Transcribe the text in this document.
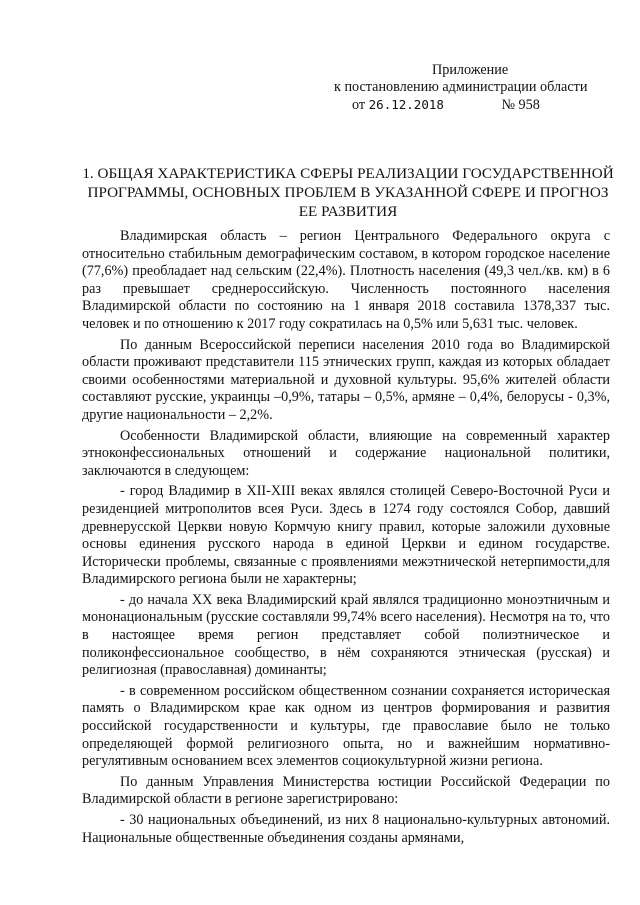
Приложение
к постановлению администрации области
от 26.12.2018	№ 958
1. ОБЩАЯ ХАРАКТЕРИСТИКА СФЕРЫ РЕАЛИЗАЦИИ ГОСУДАРСТВЕННОЙ ПРОГРАММЫ, ОСНОВНЫХ ПРОБЛЕМ В УКАЗАННОЙ СФЕРЕ И ПРОГНОЗ ЕЕ РАЗВИТИЯ

Владимирская область – регион Центрального Федерального округа с относительно стабильным демографическим составом, в котором городское население (77,6%) преобладает над сельским (22,4%). Плотность населения (49,3 чел./кв. км) в 6 раз превышает среднероссийскую. Численность постоянного населения Владимирской области по состоянию на 1 января 2018 составила 1378,337 тыс. человек и по отношению к 2017 году сократилась на 0,5% или 5,631 тыс. человек.

По данным Всероссийской переписи населения 2010 года во Владимирской области проживают представители 115 этнических групп, каждая из которых обладает своими особенностями материальной и духовной культуры. 95,6% жителей области составляют русские, украинцы –0,9%, татары – 0,5%, армяне – 0,4%, белорусы - 0,3%, другие национальности – 2,2%.

Особенности Владимирской области, влияющие на современный характер этноконфессиональных отношений и содержание национальной политики, заключаются в следующем:

- город Владимир в XII-XIII веках являлся столицей Северо-Восточной Руси и резиденцией митрополитов всея Руси. Здесь в 1274 году состоялся Собор, давший древнерусской Церкви новую Кормчую книгу правил, которые заложили духовные основы единения русского народа в единой Церкви и едином государстве. Исторически проблемы, связанные с проявлениями межэтнической нетерпимости,для Владимирского региона были не характерны;

- до начала XX века Владимирский край являлся традиционно моноэтничным и мононациональным (русские составляли 99,74% всего населения). Несмотря на то, что в настоящее время регион представляет собой полиэтническое и поликонфессиональное сообщество, в нём сохраняются этническая (русская) и религиозная (православная) доминанты;

- в современном российском общественном сознании сохраняется историческая память о Владимирском крае как одном из центров формирования и развития российской государственности и культуры, где православие было не только определяющей формой религиозного опыта, но и важнейшим нормативно-регулятивным основанием всех элементов социокультурной жизни региона.

По данным Управления Министерства юстиции Российской Федерации по Владимирской области в регионе зарегистрировано:

- 30 национальных объединений, из них 8 национально-культурных автономий. Национальные общественные объединения созданы армянами,
